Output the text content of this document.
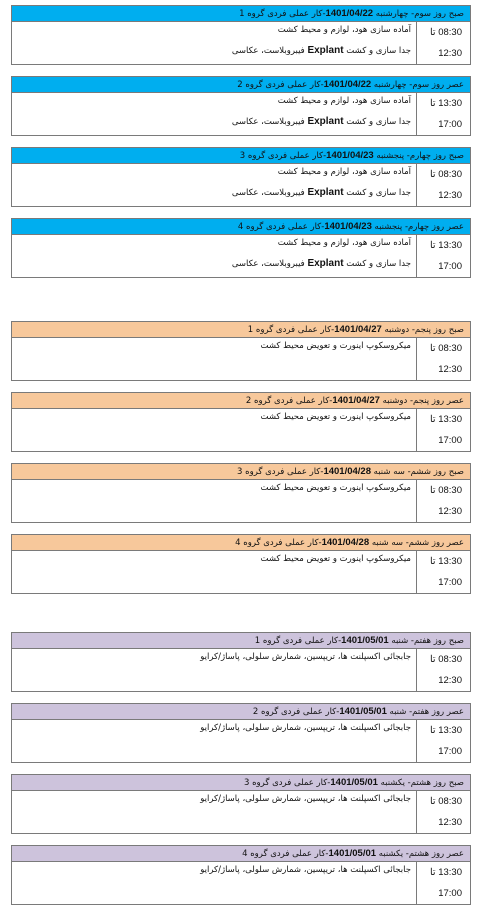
صبح روز سوم- چهارشنبه 1401/04/22-کار عملی فردی گروه 1
08:30 تا
12:30
آماده سازی هود، لوازم و محیط کشت
جدا سازی و کشت Explant فیبروبلاست، عکاسی
عصر روز سوم- چهارشنبه 1401/04/22-کار عملی فردی گروه 2
13:30 تا
17:00
آماده سازی هود، لوازم و محیط کشت
جدا سازی و کشت Explant فیبروبلاست، عکاسی
صبح روز چهارم- پنجشنبه 1401/04/23-کار عملی فردی گروه 3
08:30 تا
12:30
آماده سازی هود، لوازم و محیط کشت
جدا سازی و کشت Explant فیبروبلاست، عکاسی
عصر روز چهارم- پنجشنبه 1401/04/23-کار عملی فردی گروه 4
13:30 تا
17:00
آماده سازی هود، لوازم و محیط کشت
جدا سازی و کشت Explant فیبروبلاست، عکاسی
صبح روز پنجم- دوشنبه 1401/04/27-کار عملی فردی گروه 1
08:30 تا
12:30
میکروسکوپ اینورت و تعویض محیط کشت
عصر روز پنجم- دوشنبه 1401/04/27-کار عملی فردی گروه 2
13:30 تا
17:00
میکروسکوپ اینورت و تعویض محیط کشت
صبح روز ششم- سه شنبه 1401/04/28-کار عملی فردی گروه 3
08:30 تا
12:30
میکروسکوپ اینورت و تعویض محیط کشت
عصر روز ششم- سه شنبه 1401/04/28-کار عملی فردی گروه 4
13:30 تا
17:00
میکروسکوپ اینورت و تعویض محیط کشت
صبح روز هفتم- شنبه 1401/05/01-کار عملی فردی گروه 1
08:30 تا
12:30
جابجائی اکسپلنت ها، تریپسین، شمارش سلولی، پاساژ/کرایو
عصر روز هفتم- شنبه 1401/05/01-کار عملی فردی گروه 2
13:30 تا
17:00
جابجائی اکسپلنت ها، تریپسین، شمارش سلولی، پاساژ/کرایو
صبح روز هشتم- یکشنبه 1401/05/01-کار عملی فردی گروه 3
08:30 تا
12:30
جابجائی اکسپلنت ها، تریپسین، شمارش سلولی، پاساژ/کرایو
عصر روز هشتم- یکشنبه 1401/05/01-کار عملی فردی گروه 4
13:30 تا
17:00
جابجائی اکسپلنت ها، تریپسین، شمارش سلولی، پاساژ/کرایو
